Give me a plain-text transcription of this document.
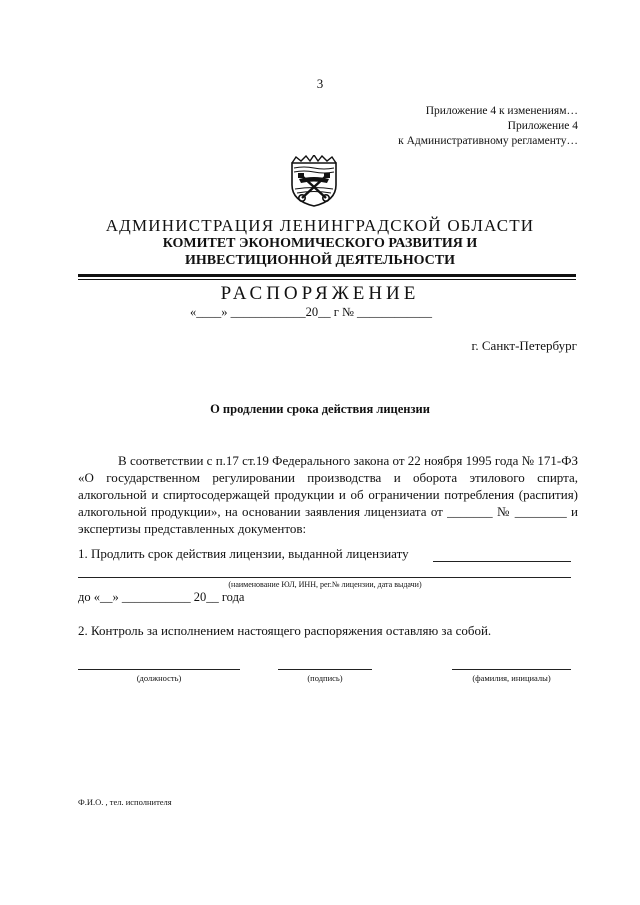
3
Приложение 4 к изменениям…
Приложение 4
к Административному регламенту…
АДМИНИСТРАЦИЯ ЛЕНИНГРАДСКОЙ ОБЛАСТИ
КОМИТЕТ ЭКОНОМИЧЕСКОГО РАЗВИТИЯ И
ИНВЕСТИЦИОННОЙ ДЕЯТЕЛЬНОСТИ
РАСПОРЯЖЕНИЕ
«____» ____________20__ г № ____________
г. Санкт-Петербург
О продлении срока действия лицензии
В соответствии с п.17 ст.19 Федерального закона от 22 ноября 1995 года № 171-ФЗ «О государственном регулировании производства и оборота этилового спирта, алкогольной и спиртосодержащей продукции и об ограничении потребления (распития) алкогольной продукции», на основании заявления лицензиата от _______ № ________ и экспертизы представленных документов:
1. Продлить срок действия лицензии, выданной лицензиату
(наименование ЮЛ, ИНН, рег.№ лицензии, дата выдачи)
до «__» ___________ 20__ года
2. Контроль за исполнением настоящего распоряжения оставляю за собой.
(должность)	(подпись)	(фамилия, инициалы)
Ф.И.О. , тел. исполнителя
